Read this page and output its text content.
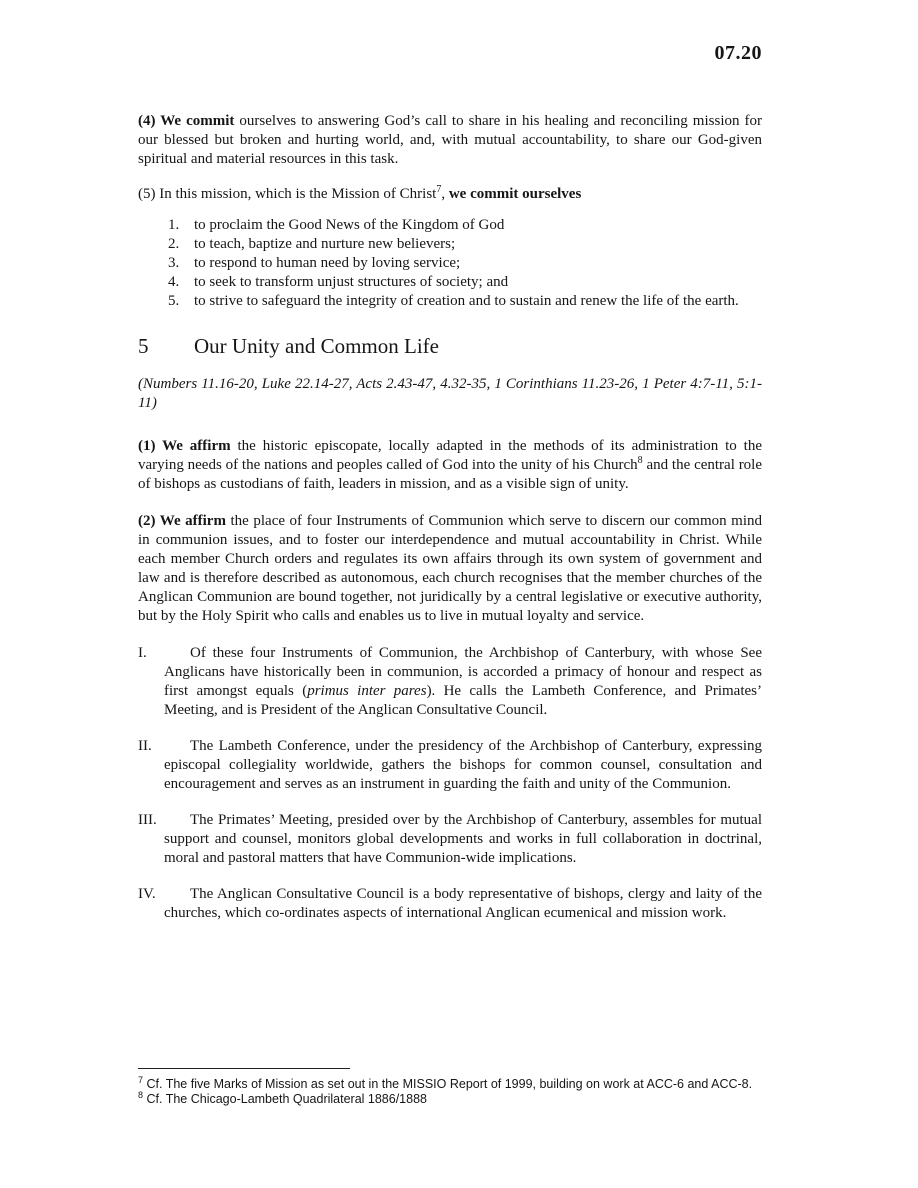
07.20

(4) We commit ourselves to answering God’s call to share in his healing and reconciling mission for our blessed but broken and hurting world, and, with mutual accountability, to share our God-given spiritual and material resources in this task.

(5) In this mission, which is the Mission of Christ$^7$, we commit ourselves

1. to proclaim the Good News of the Kingdom of God
2. to teach, baptize and nurture new believers;
3. to respond to human need by loving service;
4. to seek to transform unjust structures of society; and
5. to strive to safeguard the integrity of creation and to sustain and renew the life of the earth.
5	Our Unity and Common Life

(Numbers 11.16-20, Luke 22.14-27, Acts 2.43-47, 4.32-35, 1 Corinthians 11.23-26, 1 Peter 4:7-11, 5:1-11)

(1) We affirm the historic episcopate, locally adapted in the methods of its administration to the varying needs of the nations and peoples called of God into the unity of his Church$^8$ and the central role of bishops as custodians of faith, leaders in mission, and as a visible sign of unity.

(2) We affirm the place of four Instruments of Communion which serve to discern our common mind in communion issues, and to foster our interdependence and mutual accountability in Christ. While each member Church orders and regulates its own affairs through its own system of government and law and is therefore described as autonomous, each church recognises that the member churches of the Anglican Communion are bound together, not juridically by a central legislative or executive authority, but by the Holy Spirit who calls and enables us to live in mutual loyalty and service.

I.	Of these four Instruments of Communion, the Archbishop of Canterbury, with whose See Anglicans have historically been in communion, is accorded a primacy of honour and respect as first amongst equals (primus inter pares). He calls the Lambeth Conference, and Primates’ Meeting, and is President of the Anglican Consultative Council.

II.	The Lambeth Conference, under the presidency of the Archbishop of Canterbury, expressing episcopal collegiality worldwide, gathers the bishops for common counsel, consultation and encouragement and serves as an instrument in guarding the faith and unity of the Communion.

III. The Primates’ Meeting, presided over by the Archbishop of Canterbury, assembles for mutual support and counsel, monitors global developments and works in full collaboration in doctrinal, moral and pastoral matters that have Communion-wide implications.

IV. The Anglican Consultative Council is a body representative of bishops, clergy and laity of the churches, which co-ordinates aspects of international Anglican ecumenical and mission work.

$^7$ Cf. The five Marks of Mission as set out in the MISSIO Report of 1999, building on work at ACC-6 and ACC-8.
$^8$ Cf. The Chicago-Lambeth Quadrilateral 1886/1888
